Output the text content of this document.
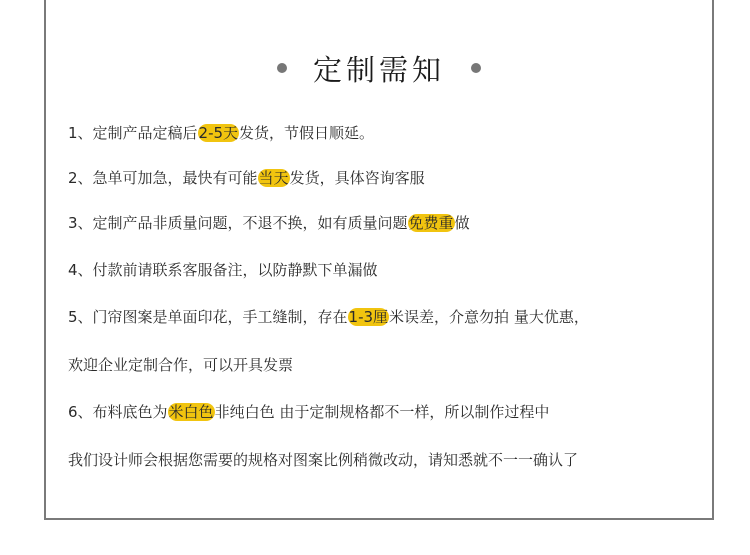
定制需知
1、定制产品定稿后2-5天发货，节假日顺延。
2、急单可加急，最快有可能当天发货，具体咨询客服
3、定制产品非质量问题，不退不换，如有质量问题免费重做
4、付款前请联系客服备注，以防静默下单漏做
5、门帘图案是单面印花，手工缝制，存在1-3厘米误差，介意勿拍 量大优惠，
欢迎企业定制合作，可以开具发票
6、布料底色为米白色非纯白色 由于定制规格都不一样，所以制作过程中
我们设计师会根据您需要的规格对图案比例稍微改动，请知悉就不一一确认了
